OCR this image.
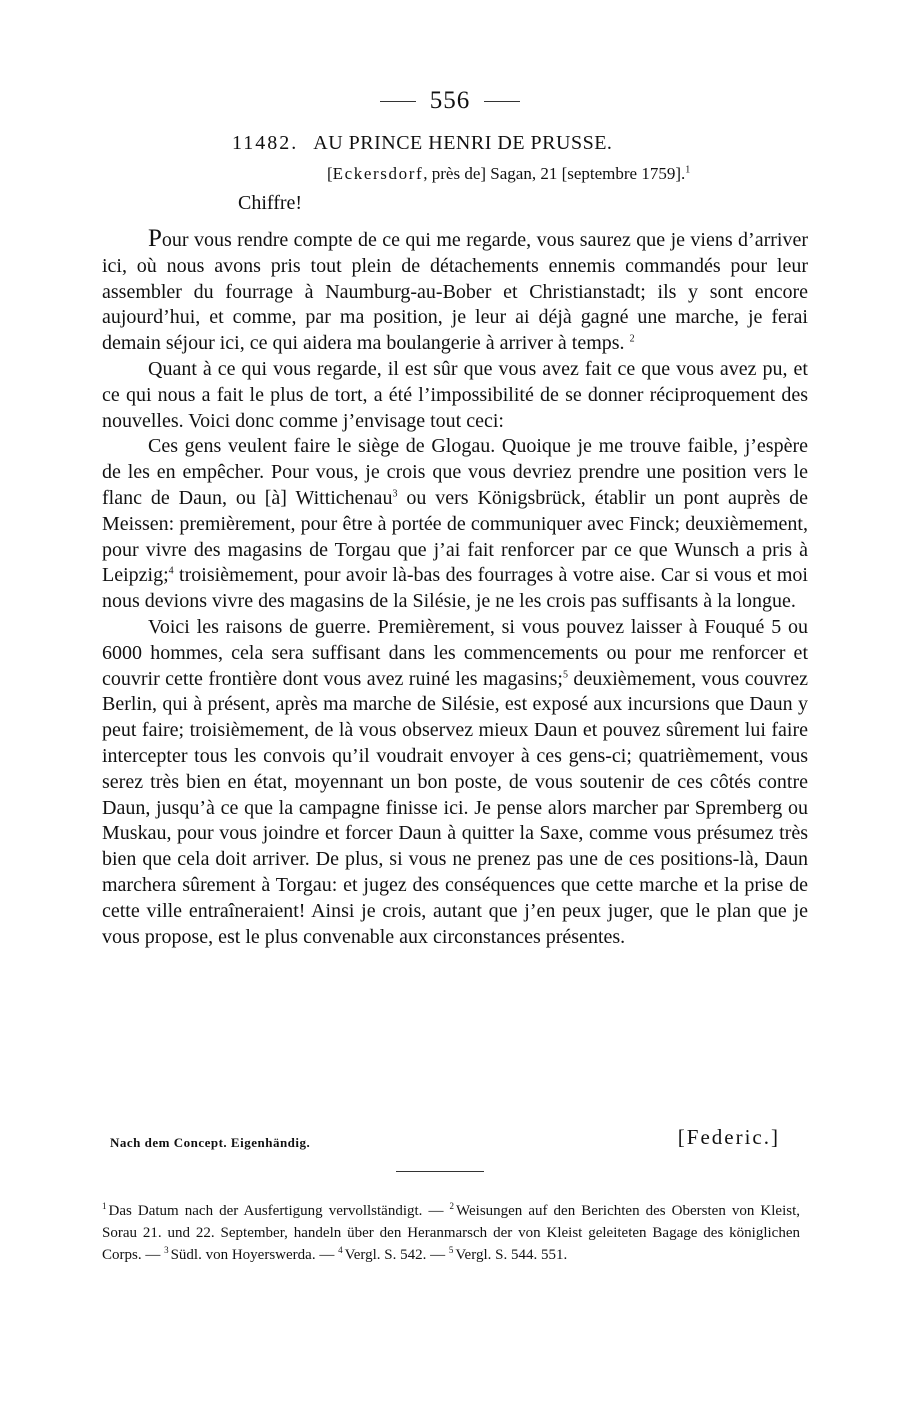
556
11482. AU PRINCE HENRI DE PRUSSE.
[Eckersdorf, près de] Sagan, 21 [septembre 1759].$^1$
Chiffre!

Pour vous rendre compte de ce qui me regarde, vous saurez que je viens d’arriver ici, où nous avons pris tout plein de détachements ennemis commandés pour leur assembler du fourrage à Naumburg-au-Bober et Christianstadt; ils y sont encore aujourd’hui, et comme, par ma position, je leur ai déjà gagné une marche, je ferai demain séjour ici, ce qui aidera ma boulangerie à arriver à temps. $^2$

Quant à ce qui vous regarde, il est sûr que vous avez fait ce que vous avez pu, et ce qui nous a fait le plus de tort, a été l’impossibilité de se donner réciproquement des nouvelles. Voici donc comme j’envisage tout ceci:

Ces gens veulent faire le siège de Glogau. Quoique je me trouve faible, j’espère de les en empêcher. Pour vous, je crois que vous devriez prendre une position vers le flanc de Daun, ou [à] Wittichenau$^3$ ou vers Königsbrück, établir un pont auprès de Meissen: premièrement, pour être à portée de communiquer avec Finck; deuxièmement, pour vivre des magasins de Torgau que j’ai fait renforcer par ce que Wunsch a pris à Leipzig;$^4$ troisièmement, pour avoir là-bas des fourrages à votre aise. Car si vous et moi nous devions vivre des magasins de la Silésie, je ne les crois pas suffisants à la longue.

Voici les raisons de guerre. Premièrement, si vous pouvez laisser à Fouqué 5 ou 6000 hommes, cela sera suffisant dans les commencements ou pour me renforcer et couvrir cette frontière dont vous avez ruiné les magasins;$^5$ deuxièmement, vous couvrez Berlin, qui à présent, après ma marche de Silésie, est exposé aux incursions que Daun y peut faire; troisièmement, de là vous observez mieux Daun et pouvez sûrement lui faire intercepter tous les convois qu’il voudrait envoyer à ces gens-ci; quatrièmement, vous serez très bien en état, moyennant un bon poste, de vous soutenir de ces côtés contre Daun, jusqu’à ce que la campagne finisse ici. Je pense alors marcher par Spremberg ou Muskau, pour vous joindre et forcer Daun à quitter la Saxe, comme vous présumez très bien que cela doit arriver. De plus, si vous ne prenez pas une de ces positions-là, Daun marchera sûrement à Torgau: et jugez des conséquences que cette marche et la prise de cette ville entraîneraient! Ainsi je crois, autant que j’en peux juger, que le plan que je vous propose, est le plus convenable aux circonstances présentes.

Nach dem Concept. Eigenhändig.	[Federic.]
$^1$ Das Datum nach der Ausfertigung vervollständigt. — $^2$ Weisungen auf den Berichten des Obersten von Kleist, Sorau 21. und 22. September, handeln über den Heranmarsch der von Kleist geleiteten Bagage des königlichen Corps. — $^3$ Südl. von Hoyerswerda. — $^4$ Vergl. S. 542. — $^5$ Vergl. S. 544. 551.
